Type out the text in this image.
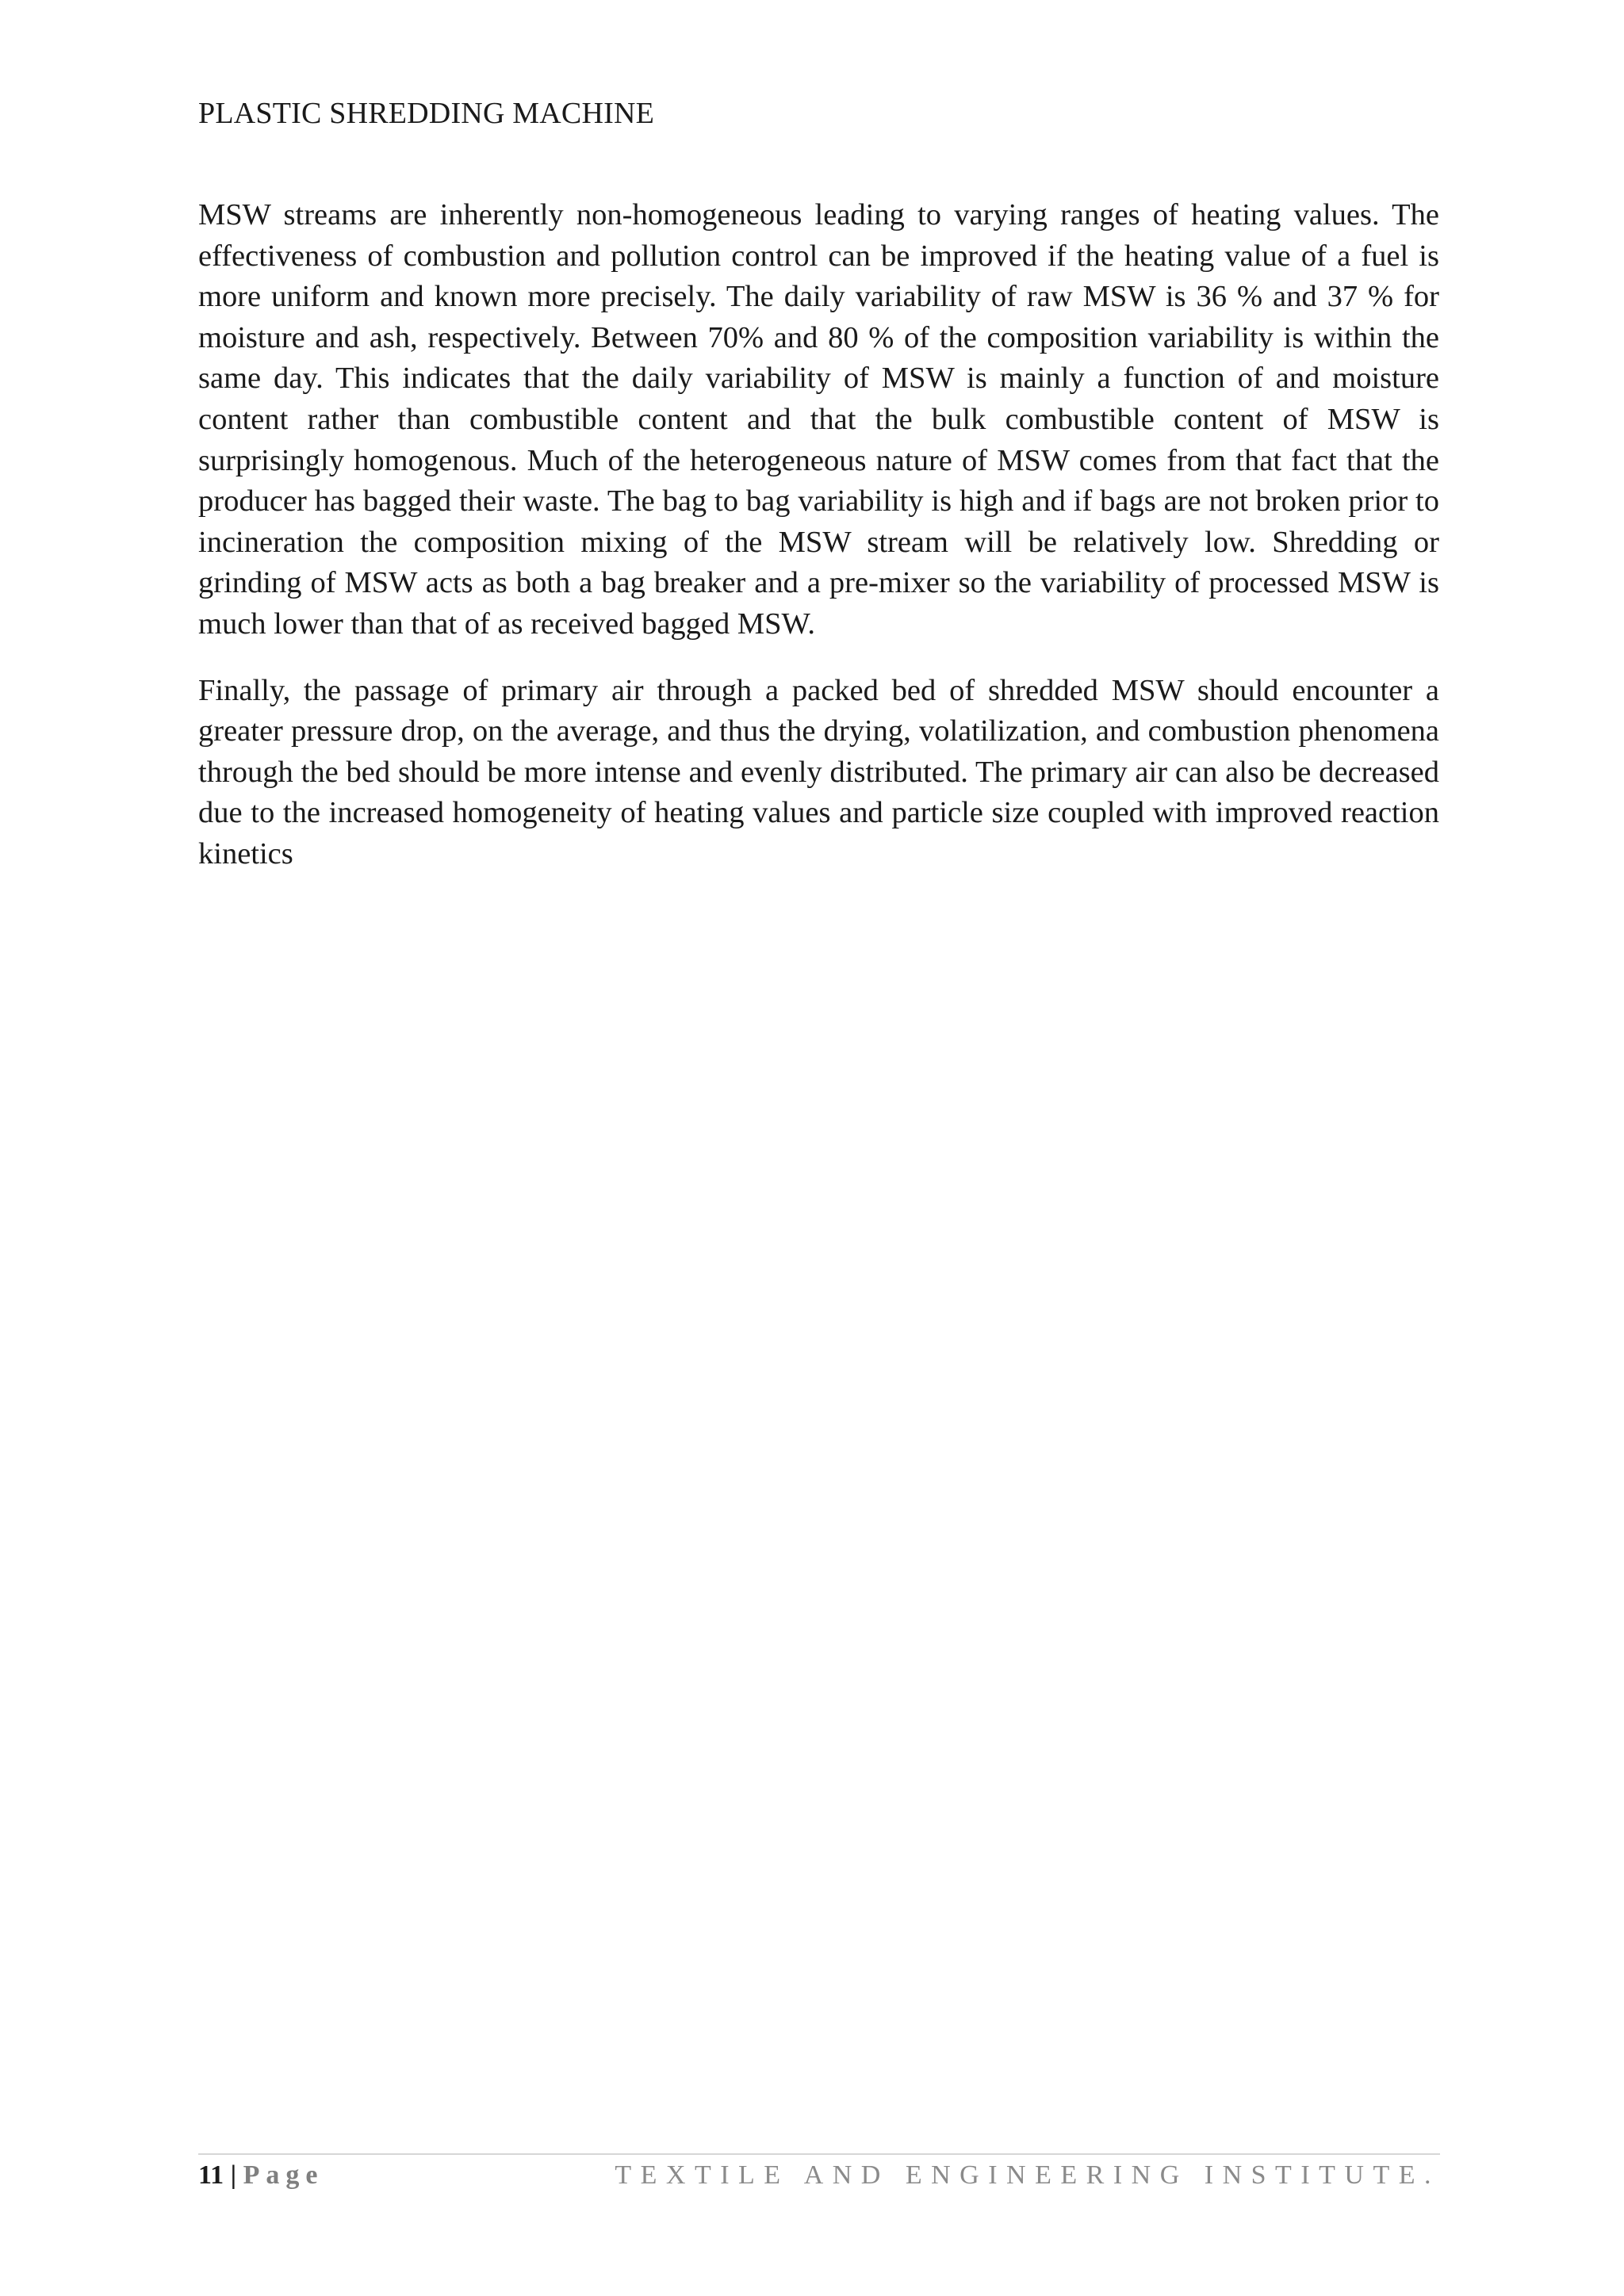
PLASTIC SHREDDING MACHINE

MSW streams are inherently non-homogeneous leading to varying ranges of heating values. The effectiveness of combustion and pollution control can be improved if the heating value of a fuel is more uniform and known more precisely. The daily variability of raw MSW is 36 % and 37 % for moisture and ash, respectively. Between 70% and 80 % of the composition variability is within the same day. This indicates that the daily variability of MSW is mainly a function of and moisture content rather than combustible content and that the bulk combustible content of MSW is surprisingly homogenous. Much of the heterogeneous nature of MSW comes from that fact that the producer has bagged their waste. The bag to bag variability is high and if bags are not broken prior to incineration the composition mixing of the MSW stream will be relatively low. Shredding or grinding of MSW acts as both a bag breaker and a pre-mixer so the variability of processed MSW is much lower than that of as received bagged MSW.

Finally, the passage of primary air through a packed bed of shredded MSW should encounter a greater pressure drop, on the average, and thus the drying, volatilization, and combustion phenomena through the bed should be more intense and evenly distributed. The primary air can also be decreased due to the increased homogeneity of heating values and particle size coupled with improved reaction kinetics

11 | Page	TEXTILE AND ENGINEERING INSTITUTE.
